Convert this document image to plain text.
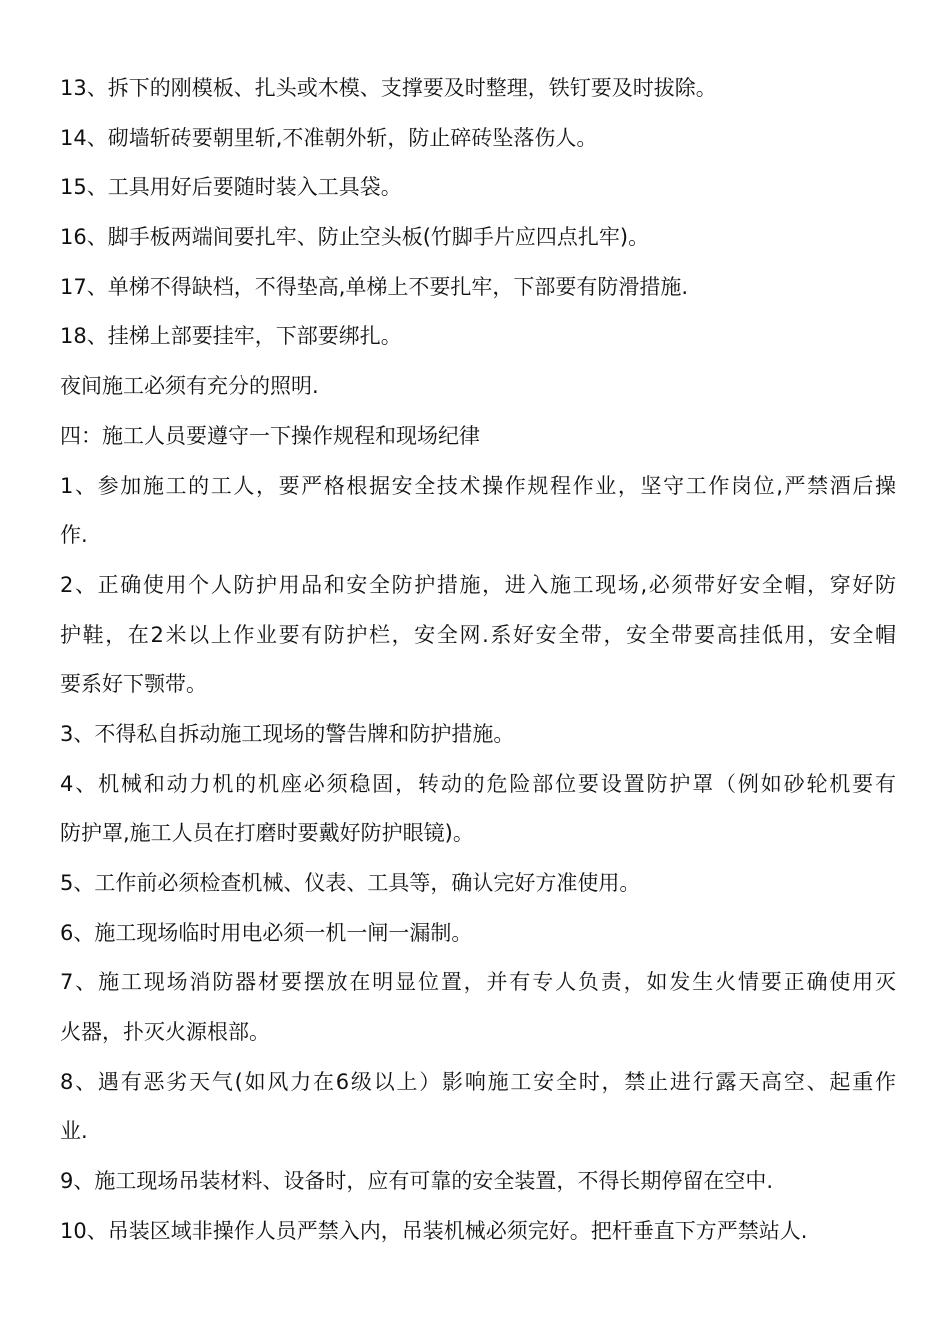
13、拆下的刚模板、扎头或木模、支撑要及时整理，铁钉要及时拔除。
14、砌墙斩砖要朝里斩,不准朝外斩，防止碎砖坠落伤人。
15、工具用好后要随时装入工具袋。
16、脚手板两端间要扎牢、防止空头板(竹脚手片应四点扎牢)。
17、单梯不得缺档，不得垫高,单梯上不要扎牢，下部要有防滑措施.
18、挂梯上部要挂牢，下部要绑扎。
夜间施工必须有充分的照明.
四：施工人员要遵守一下操作规程和现场纪律
1、参加施工的工人，要严格根据安全技术操作规程作业，坚守工作岗位,严禁酒后操
作.
2、正确使用个人防护用品和安全防护措施，进入施工现场,必须带好安全帽，穿好防
护鞋，在2米以上作业要有防护栏，安全网.系好安全带，安全带要高挂低用，安全帽
要系好下颚带。
3、不得私自拆动施工现场的警告牌和防护措施。
4、机械和动力机的机座必须稳固，转动的危险部位要设置防护罩（例如砂轮机要有
防护罩,施工人员在打磨时要戴好防护眼镜)。
5、工作前必须检查机械、仪表、工具等，确认完好方准使用。
6、施工现场临时用电必须一机一闸一漏制。
7、施工现场消防器材要摆放在明显位置，并有专人负责，如发生火情要正确使用灭
火器，扑灭火源根部。
8、遇有恶劣天气(如风力在6级以上）影响施工安全时，禁止进行露天高空、起重作
业.
9、施工现场吊装材料、设备时，应有可靠的安全装置，不得长期停留在空中.
10、吊装区域非操作人员严禁入内，吊装机械必须完好。把杆垂直下方严禁站人.
